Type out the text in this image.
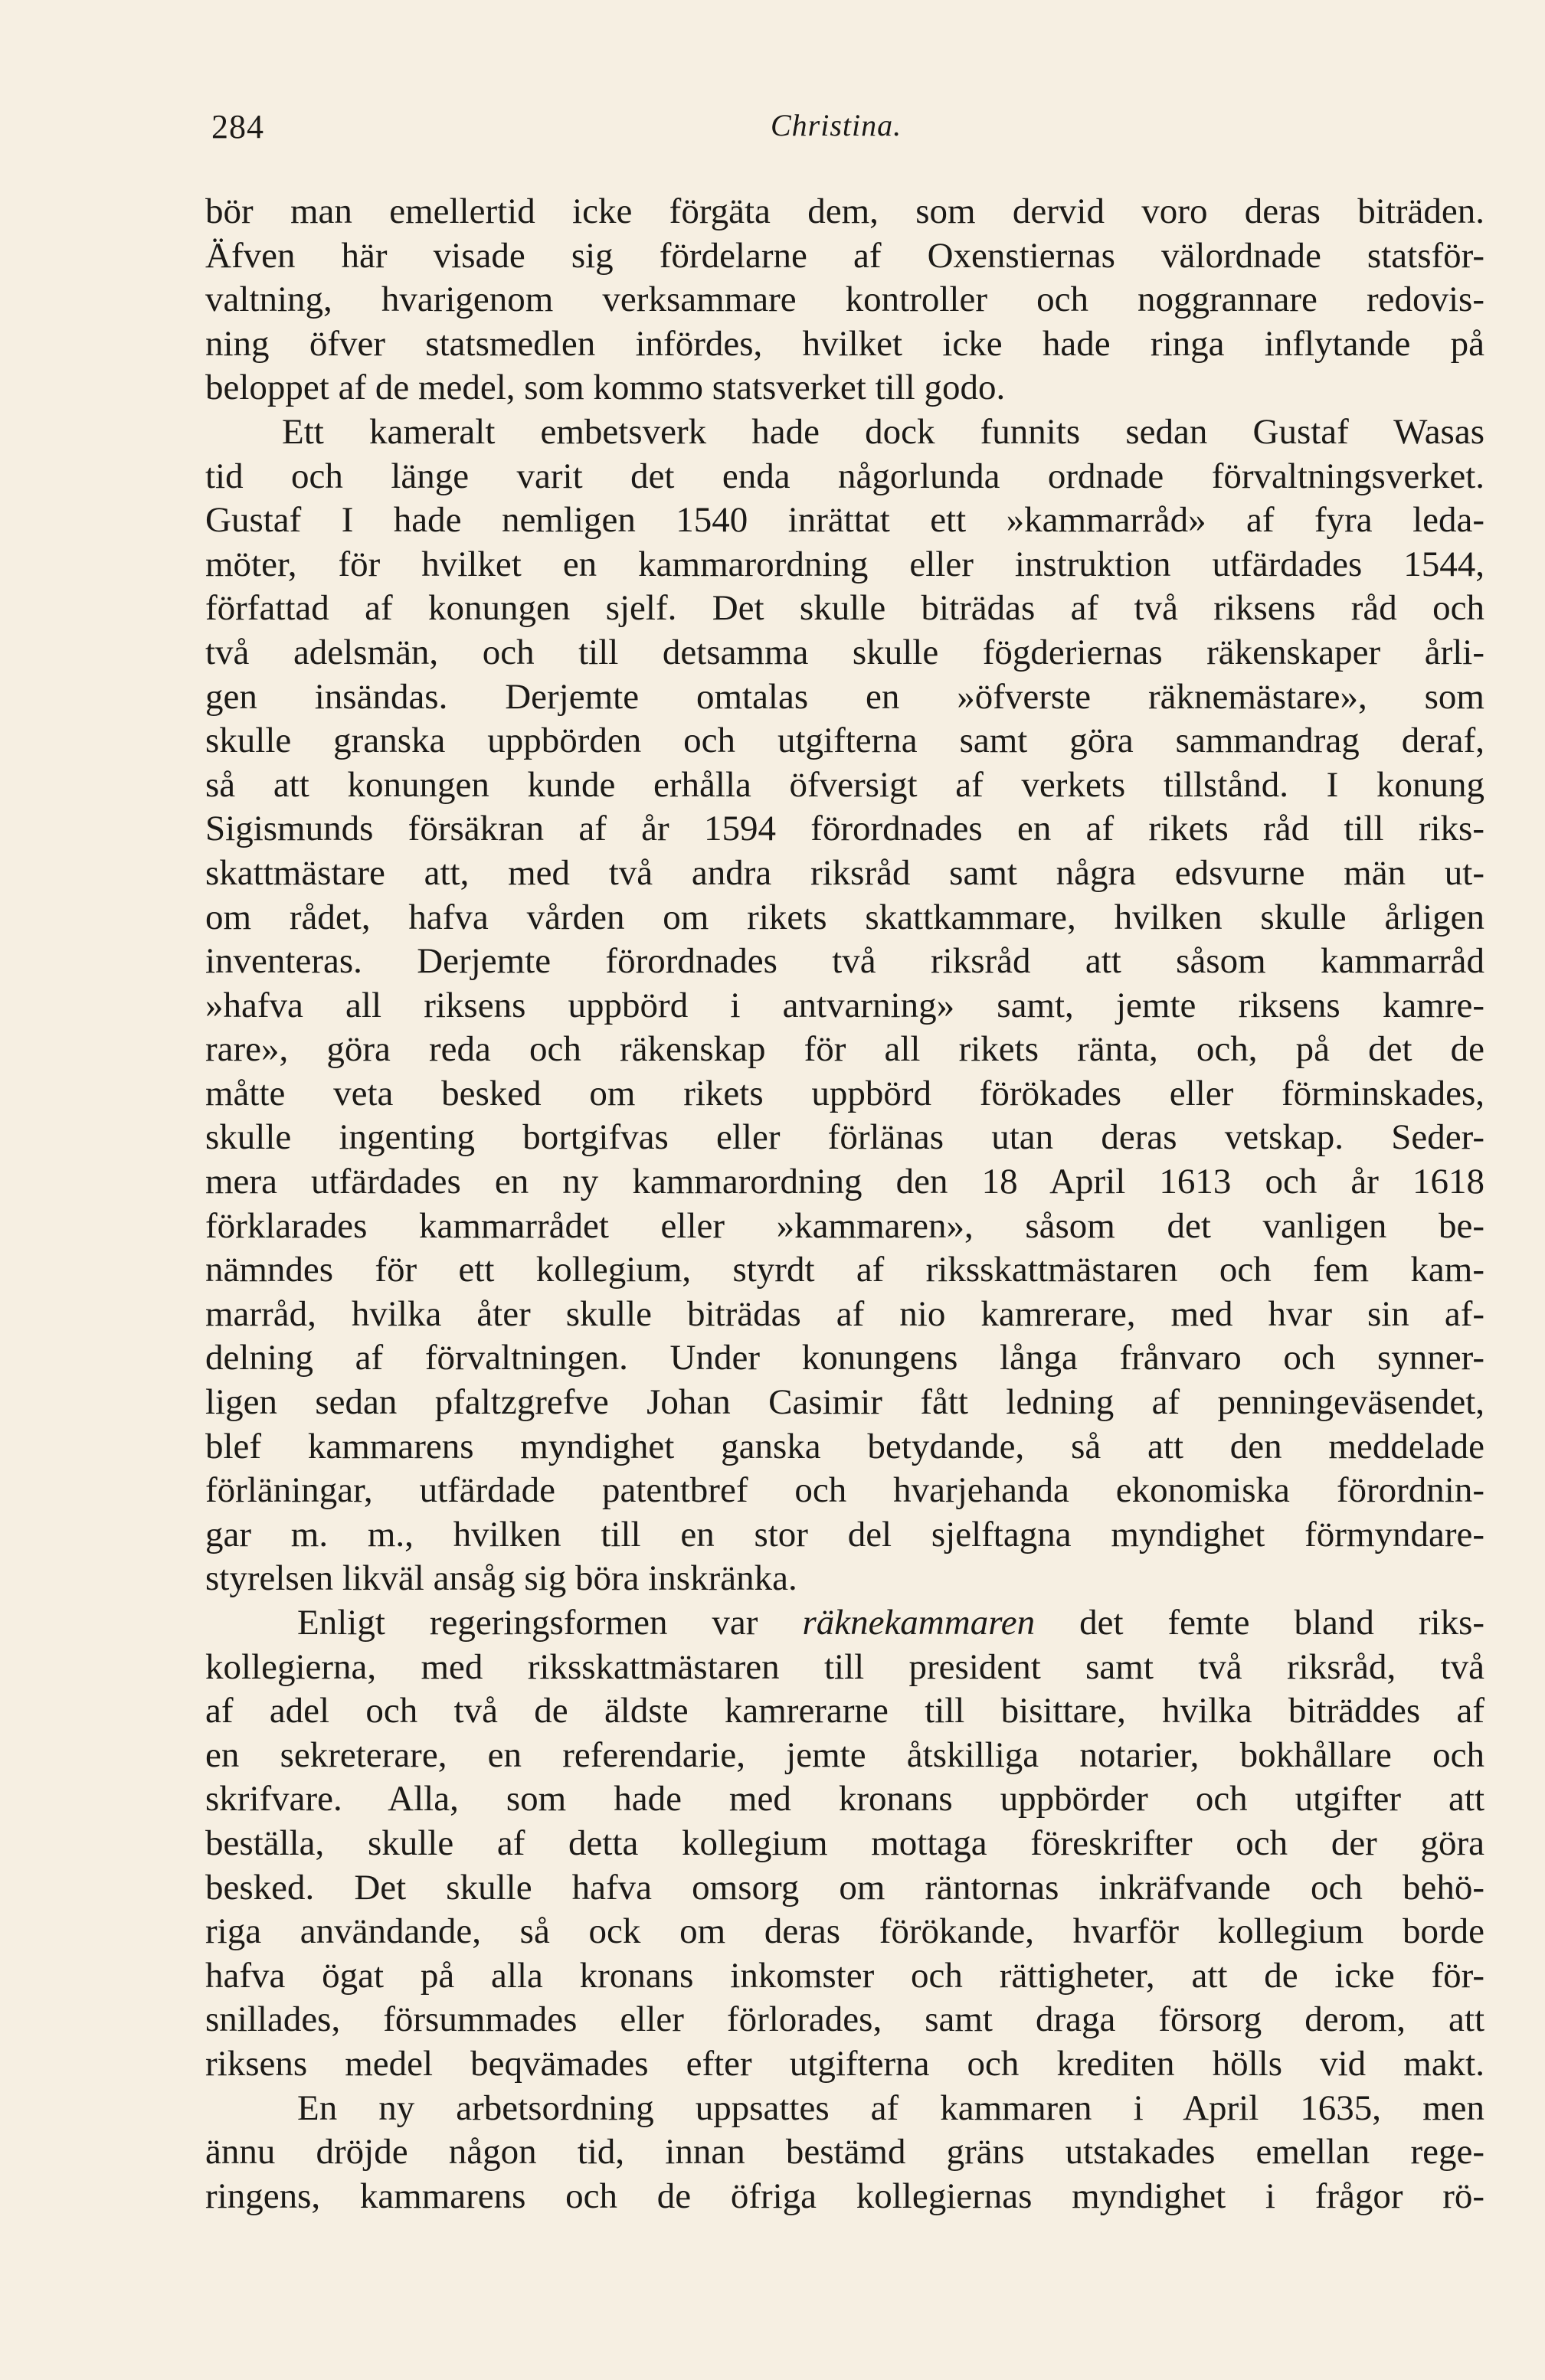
284	Christina.
bör man emellertid icke förgäta dem, som dervid voro deras biträden.
Äfven här visade sig fördelarne af Oxenstiernas välordnade statsför-
valtning, hvarigenom verksammare kontroller och noggrannare redovis-
ning öfver statsmedlen infördes, hvilket icke hade ringa inflytande på
beloppet af de medel, som kommo statsverket till godo.
Ett kameralt embetsverk hade dock funnits sedan Gustaf Wasas
tid och länge varit det enda någorlunda ordnade förvaltningsverket.
Gustaf I hade nemligen 1540 inrättat ett »kammarråd» af fyra leda-
möter, för hvilket en kammarordning eller instruktion utfärdades 1544,
författad af konungen sjelf. Det skulle biträdas af två riksens råd och
två adelsmän, och till detsamma skulle fögderiernas räkenskaper årli-
gen insändas. Derjemte omtalas en »öfverste räknemästare», som
skulle granska uppbörden och utgifterna samt göra sammandrag deraf,
så att konungen kunde erhålla öfversigt af verkets tillstånd. I konung
Sigismunds försäkran af år 1594 förordnades en af rikets råd till riks-
skattmästare att, med två andra riksråd samt några edsvurne män ut-
om rådet, hafva vården om rikets skattkammare, hvilken skulle årligen
inventeras. Derjemte förordnades två riksråd att såsom kammarråd
»hafva all riksens uppbörd i antvarning» samt, jemte riksens kamre-
rare», göra reda och räkenskap för all rikets ränta, och, på det de
måtte veta besked om rikets uppbörd förökades eller förminskades,
skulle ingenting bortgifvas eller förlänas utan deras vetskap. Seder-
mera utfärdades en ny kammarordning den 18 April 1613 och år 1618
förklarades kammarrådet eller »kammaren», såsom det vanligen be-
nämndes för ett kollegium, styrdt af riksskattmästaren och fem kam-
marråd, hvilka åter skulle biträdas af nio kamrerare, med hvar sin af-
delning af förvaltningen. Under konungens långa frånvaro och synner-
ligen sedan pfaltzgrefve Johan Casimir fått ledning af penningeväsendet,
blef kammarens myndighet ganska betydande, så att den meddelade
förläningar, utfärdade patentbref och hvarjehanda ekonomiska förordnin-
gar m. m., hvilken till en stor del sjelftagna myndighet förmyndare-
styrelsen likväl ansåg sig böra inskränka.
Enligt regeringsformen var räknekammaren det femte bland riks-
kollegierna, med riksskattmästaren till president samt två riksråd, två
af adel och två de äldste kamrerarne till bisittare, hvilka biträddes af
en sekreterare, en referendarie, jemte åtskilliga notarier, bokhållare och
skrifvare. Alla, som hade med kronans uppbörder och utgifter att
beställa, skulle af detta kollegium mottaga föreskrifter och der göra
besked. Det skulle hafva omsorg om räntornas inkräfvande och behö-
riga användande, så ock om deras förökande, hvarför kollegium borde
hafva ögat på alla kronans inkomster och rättigheter, att de icke för-
snillades, försummades eller förlorades, samt draga försorg derom, att
riksens medel beqvämades efter utgifterna och krediten hölls vid makt.
En ny arbetsordning uppsattes af kammaren i April 1635, men
ännu dröjde någon tid, innan bestämd gräns utstakades emellan rege-
ringens, kammarens och de öfriga kollegiernas myndighet i frågor rö-
